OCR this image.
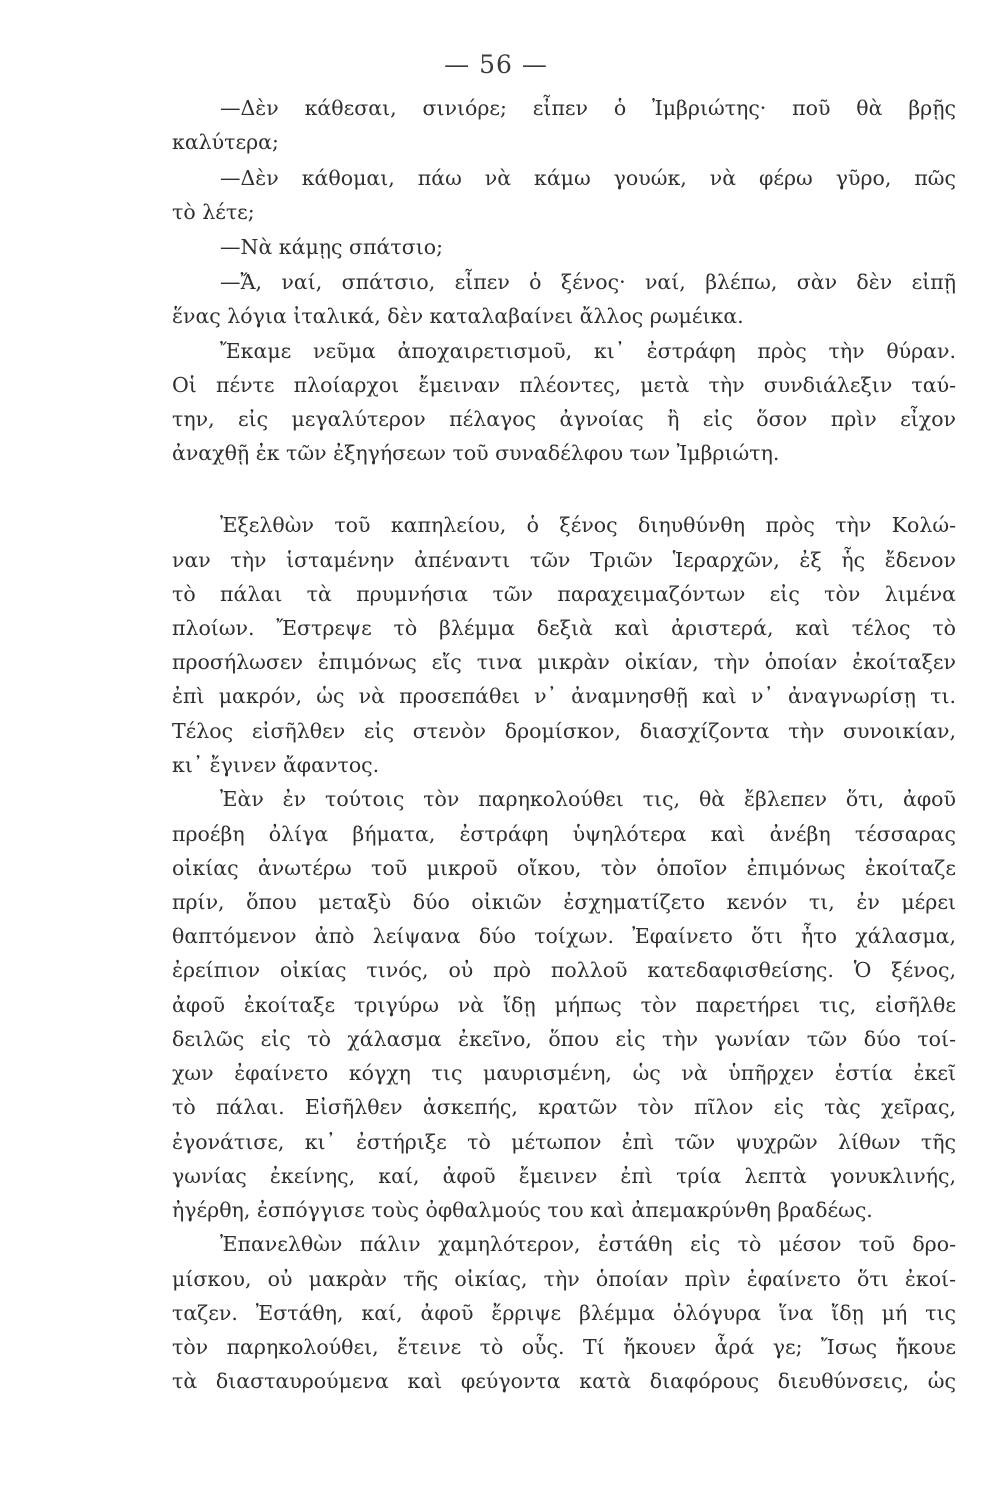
— 56 —
—Δὲν κάθεσαι, σινιόρε; εἶπεν ὁ Ἰμβριώτης· ποῦ θὰ βρῇς
καλύτερα;
—Δὲν κάθομαι, πάω νὰ κάμω γουώκ, νὰ φέρω γῦρο, πῶς
τὸ λέτε;
—Νὰ κάμῃς σπάτσιο;
—Ἄ, ναί, σπάτσιο, εἶπεν ὁ ξένος· ναί, βλέπω, σὰν δὲν εἰπῇ
ἕνας λόγια ἰταλικά, δὲν καταλαβαίνει ἄλλος ρωμέικα.
Ἔκαμε νεῦμα ἀποχαιρετισμοῦ, κι᾽ ἐστράφη πρὸς τὴν θύραν.
Οἱ πέντε πλοίαρχοι ἔμειναν πλέοντες, μετὰ τὴν συνδιάλεξιν ταύ-
την, εἰς μεγαλύτερον πέλαγος ἀγνοίας ἢ εἰς ὅσον πρὶν εἶχον
ἀναχθῇ ἐκ τῶν ἐξηγήσεων τοῦ συναδέλφου των Ἰμβριώτη.
Ἐξελθὼν τοῦ καπηλείου, ὁ ξένος διηυθύνθη πρὸς τὴν Κολώ-
ναν τὴν ἱσταμένην ἀπέναντι τῶν Τριῶν Ἱεραρχῶν, ἐξ ἧς ἔδενον
τὸ πάλαι τὰ πρυμνήσια τῶν παραχειμαζόντων εἰς τὸν λιμένα
πλοίων. Ἔστρεψε τὸ βλέμμα δεξιὰ καὶ ἀριστερά, καὶ τέλος τὸ
προσήλωσεν ἐπιμόνως εἴς τινα μικρὰν οἰκίαν, τὴν ὁποίαν ἐκοίταξεν
ἐπὶ μακρόν, ὡς νὰ προσεπάθει ν᾽ ἀναμνησθῇ καὶ ν᾽ ἀναγνωρίσῃ τι.
Τέλος εἰσῆλθεν εἰς στενὸν δρομίσκον, διασχίζοντα τὴν συνοικίαν,
κι᾽ ἔγινεν ἄφαντος.
Ἐὰν ἐν τούτοις τὸν παρηκολούθει τις, θὰ ἔβλεπεν ὅτι, ἀφοῦ
προέβη ὀλίγα βήματα, ἐστράφη ὑψηλότερα καὶ ἀνέβη τέσσαρας
οἰκίας ἀνωτέρω τοῦ μικροῦ οἴκου, τὸν ὁποῖον ἐπιμόνως ἐκοίταζε
πρίν, ὅπου μεταξὺ δύο οἰκιῶν ἐσχηματίζετο κενόν τι, ἐν μέρει
θαπτόμενον ἀπὸ λείψανα δύο τοίχων. Ἐφαίνετο ὅτι ἦτο χάλασμα,
ἐρείπιον οἰκίας τινός, οὐ πρὸ πολλοῦ κατεδαφισθείσης. Ὁ ξένος,
ἀφοῦ ἐκοίταξε τριγύρω νὰ ἴδῃ μήπως τὸν παρετήρει τις, εἰσῆλθε
δειλῶς εἰς τὸ χάλασμα ἐκεῖνο, ὅπου εἰς τὴν γωνίαν τῶν δύο τοί-
χων ἐφαίνετο κόγχη τις μαυρισμένη, ὡς νὰ ὑπῆρχεν ἑστία ἐκεῖ
τὸ πάλαι. Εἰσῆλθεν ἀσκεπής, κρατῶν τὸν πῖλον εἰς τὰς χεῖρας,
ἐγονάτισε, κι᾽ ἐστήριξε τὸ μέτωπον ἐπὶ τῶν ψυχρῶν λίθων τῆς
γωνίας ἐκείνης, καί, ἀφοῦ ἔμεινεν ἐπὶ τρία λεπτὰ γονυκλινής,
ἠγέρθη, ἐσπόγγισε τοὺς ὀφθαλμούς του καὶ ἀπεμακρύνθη βραδέως.
Ἐπανελθὼν πάλιν χαμηλότερον, ἐστάθη εἰς τὸ μέσον τοῦ δρο-
μίσκου, οὐ μακρὰν τῆς οἰκίας, τὴν ὁποίαν πρὶν ἐφαίνετο ὅτι ἐκοί-
ταζεν. Ἐστάθη, καί, ἀφοῦ ἔρριψε βλέμμα ὁλόγυρα ἵνα ἴδῃ μή τις
τὸν παρηκολούθει, ἔτεινε τὸ οὖς. Τί ἤκουεν ἆρά γε; Ἴσως ἤκουε
τὰ διασταυρούμενα καὶ φεύγοντα κατὰ διαφόρους διευθύνσεις, ὡς
